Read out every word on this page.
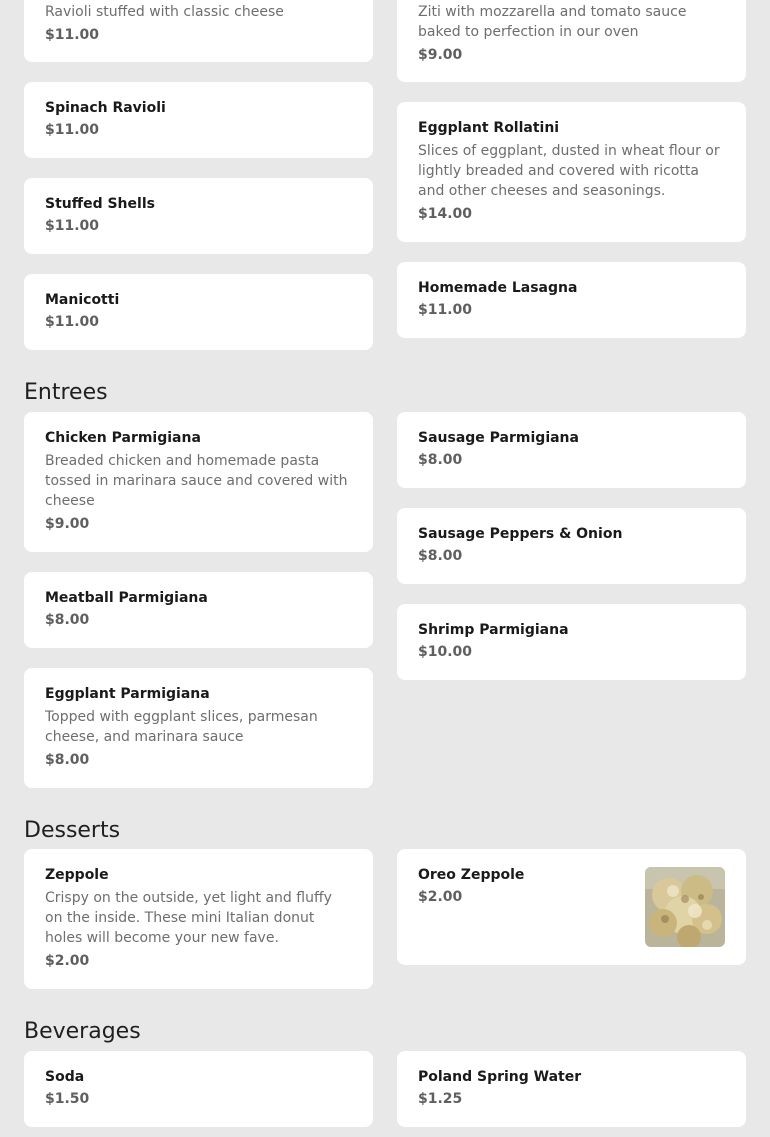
Ravioli stuffed with classic cheese

$11.00

Ziti with mozzarella and tomato sauce baked to perfection in our oven

$9.00

Spinach Ravioli

$11.00	Eggplant Rollatini

Slices of eggplant, dusted in wheat flour or lightly breaded and covered with ricotta and other cheeses and seasonings.

$14.00

Stuffed Shells

$11.00

Homemade Lasagna

$11.00

Manicotti

$11.00

Entrees

Chicken Parmigiana

Breaded chicken and homemade pasta tossed in marinara sauce and covered with cheese

$9.00

Sausage Parmigiana

$8.00

Sausage Peppers & Onion

$8.00

Meatball Parmigiana

$8.00

Shrimp Parmigiana

$10.00

Eggplant Parmigiana

Topped with eggplant slices, parmesan cheese, and marinara sauce

$8.00

Desserts

Zeppole

Crispy on the outside, yet light and fluffy on the inside. These mini Italian donut holes will become your new fave.

$2.00

Oreo Zeppole

$2.00

Beverages

Soda

$1.50

Poland Spring Water

$1.25
